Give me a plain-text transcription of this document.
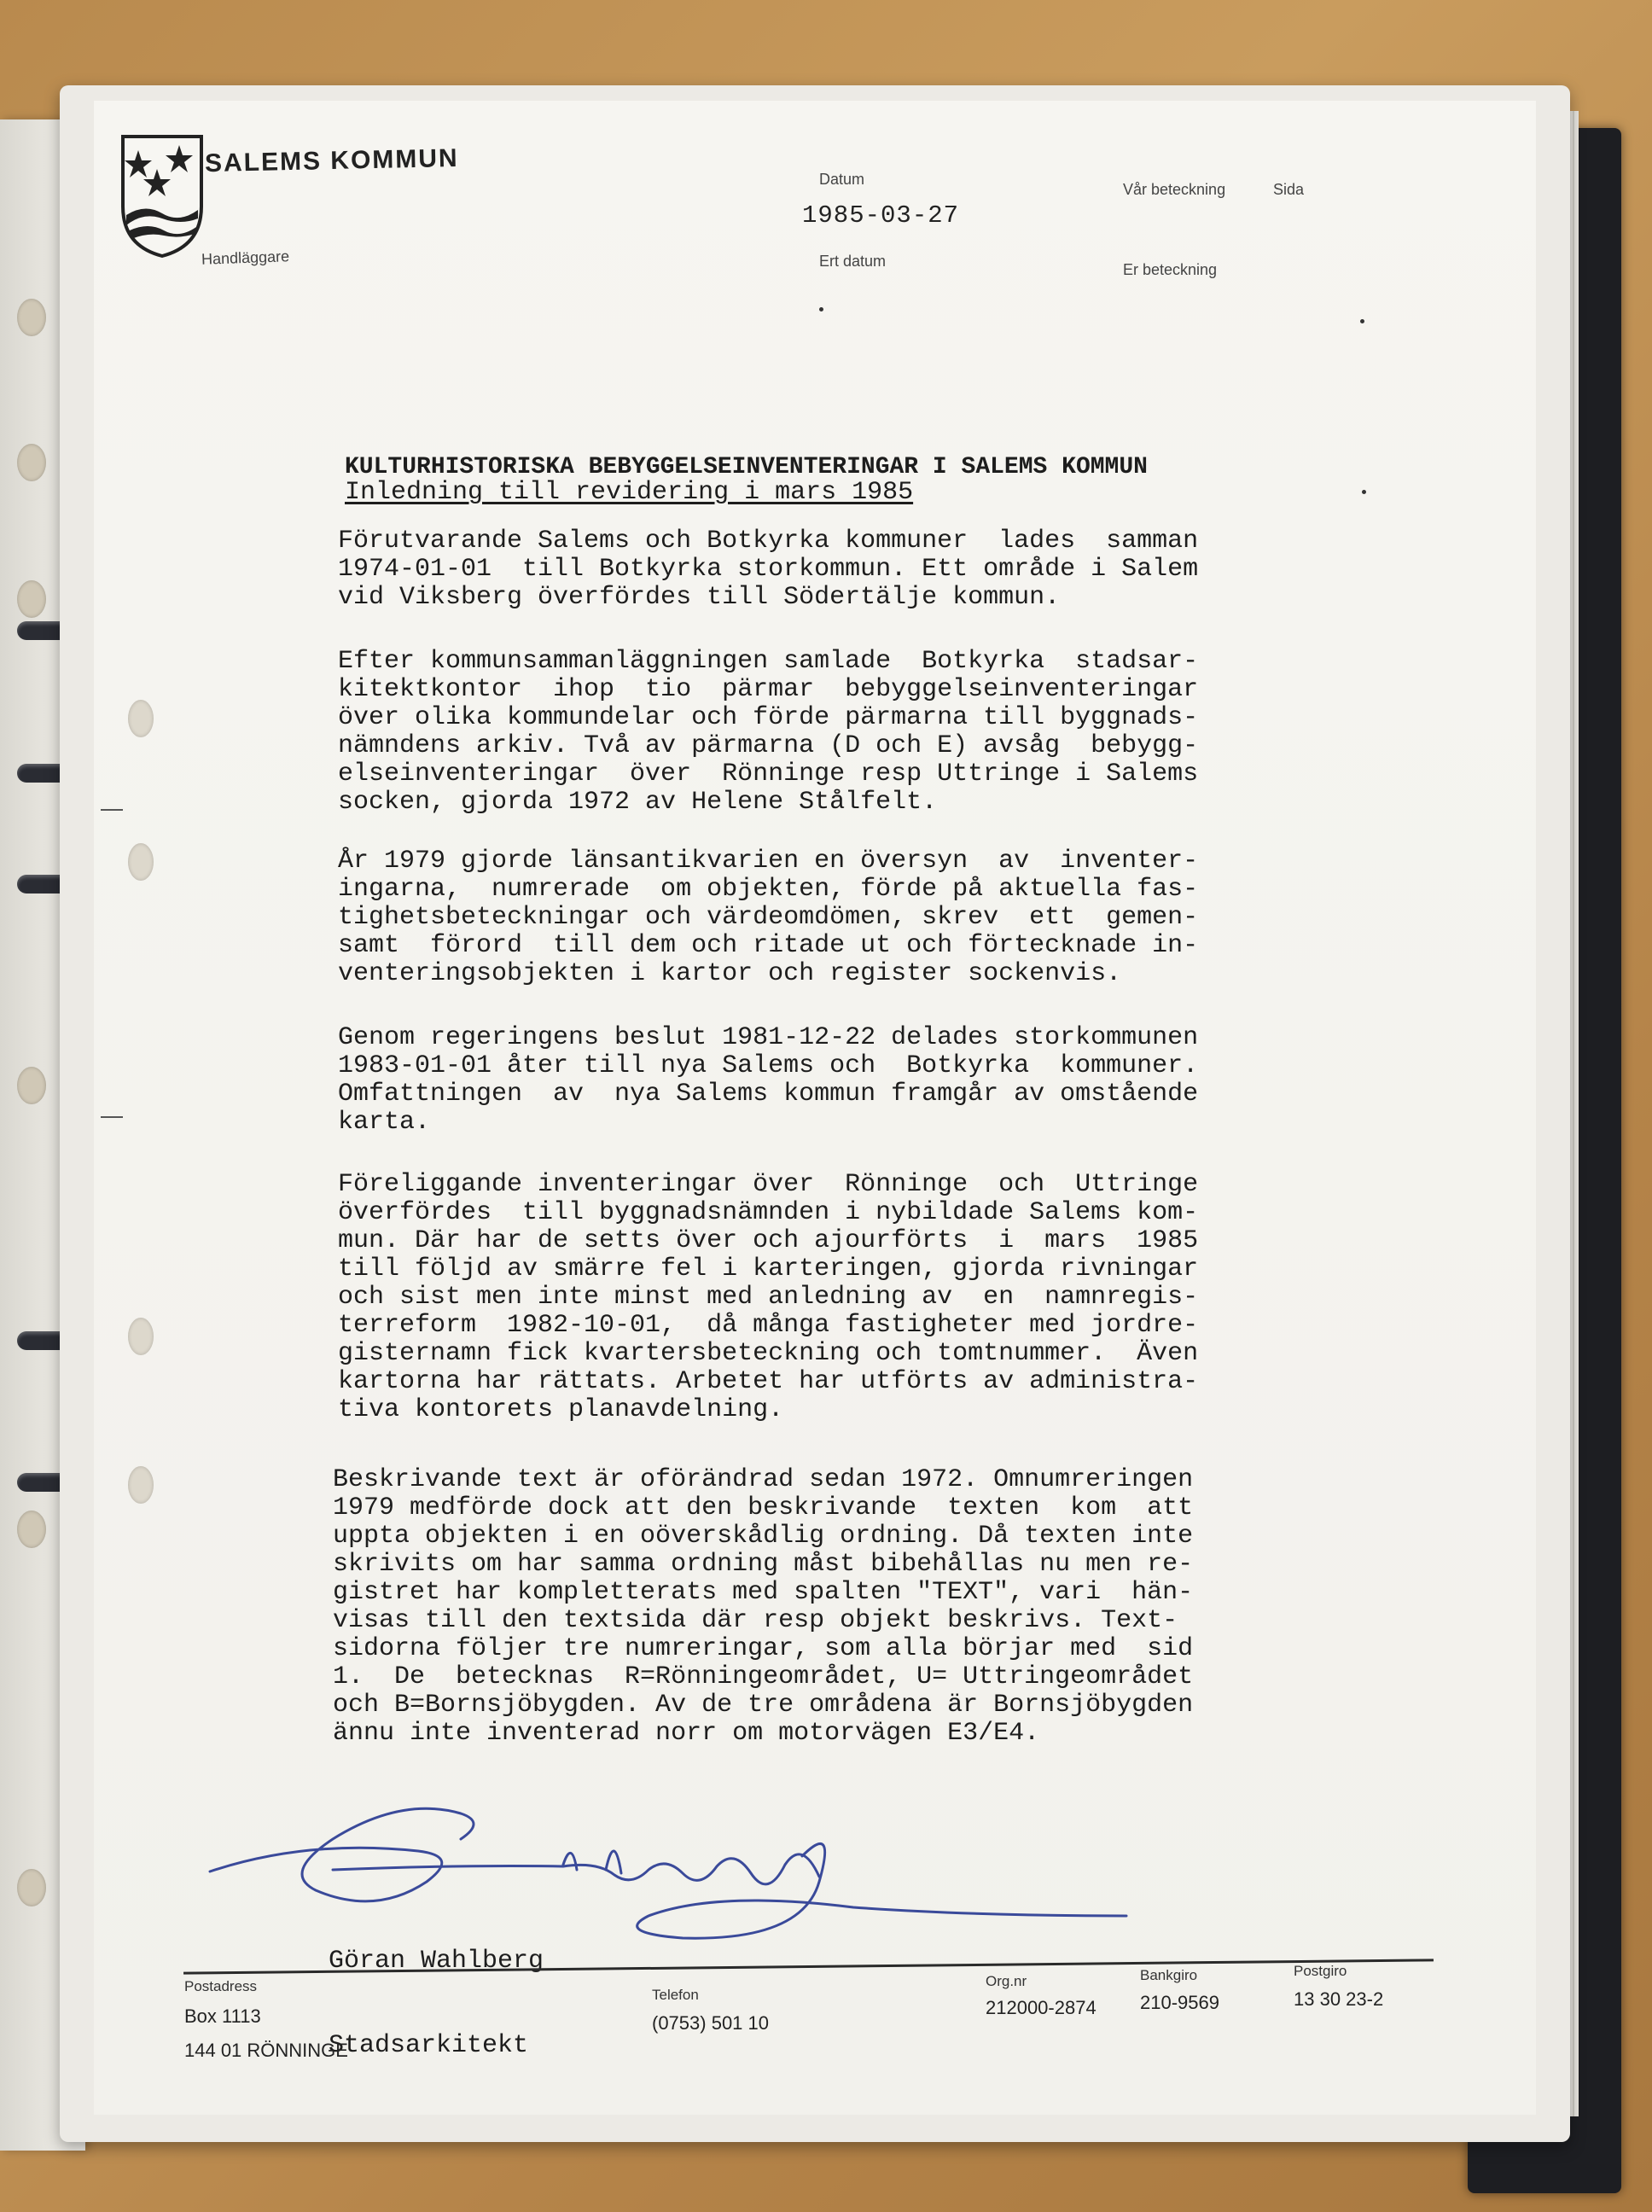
SALEMS KOMMUN
Handläggare
Datum
1985-03-27
Ert datum
Vår beteckning	Sida
Er beteckning
KULTURHISTORISKA BEBYGGELSEINVENTERINGAR I SALEMS KOMMUN
Inledning till revidering i mars 1985
Förutvarande Salems och Botkyrka kommuner  lades  samman
1974-01-01  till Botkyrka storkommun. Ett område i Salem
vid Viksberg överfördes till Södertälje kommun.
Efter kommunsammanläggningen samlade  Botkyrka  stadsar-
kitektkontor  ihop  tio  pärmar  bebyggelseinventeringar
över olika kommundelar och förde pärmarna till byggnads-
nämndens arkiv. Två av pärmarna (D och E) avsåg  bebygg-
elseinventeringar  över  Rönninge resp Uttringe i Salems
socken, gjorda 1972 av Helene Stålfelt.
År 1979 gjorde länsantikvarien en översyn  av  inventer-
ingarna,  numrerade  om objekten, förde på aktuella fas-
tighetsbeteckningar och värdeomdömen, skrev  ett  gemen-
samt  förord  till dem och ritade ut och förtecknade in-
venteringsobjekten i kartor och register sockenvis.
Genom regeringens beslut 1981-12-22 delades storkommunen
1983-01-01 åter till nya Salems och  Botkyrka  kommuner.
Omfattningen  av  nya Salems kommun framgår av omstående
karta.
Föreliggande inventeringar över  Rönninge  och  Uttringe
överfördes  till byggnadsnämnden i nybildade Salems kom-
mun. Där har de setts över och ajourförts  i  mars  1985
till följd av smärre fel i karteringen, gjorda rivningar
och sist men inte minst med anledning av  en  namnregis-
terreform  1982-10-01,  då många fastigheter med jordre-
gisternamn fick kvartersbeteckning och tomtnummer.  Även
kartorna har rättats. Arbetet har utförts av administra-
tiva kontorets planavdelning.
Beskrivande text är oförändrad sedan 1972. Omnumreringen
1979 medförde dock att den beskrivande  texten  kom  att
uppta objekten i en oöverskådlig ordning. Då texten inte
skrivits om har samma ordning måst bibehållas nu men re-
gistret har kompletterats med spalten "TEXT", vari  hän-
visas till den textsida där resp objekt beskrivs. Text-
sidorna följer tre numreringar, som alla börjar med  sid
1.  De  betecknas  R=Rönningeområdet, U= Uttringeområdet
och B=Bornsjöbygden. Av de tre områdena är Bornsjöbygden
ännu inte inventerad norr om motorvägen E3/E4.

Göran Wahlberg

Stadsarkitekt

Postadress
Box 1113
144 01 RÖNNINGE
Telefon
(0753) 501 10
Org.nr
212000-2874
Bankgiro
210-9569
Postgiro
13 30 23-2
